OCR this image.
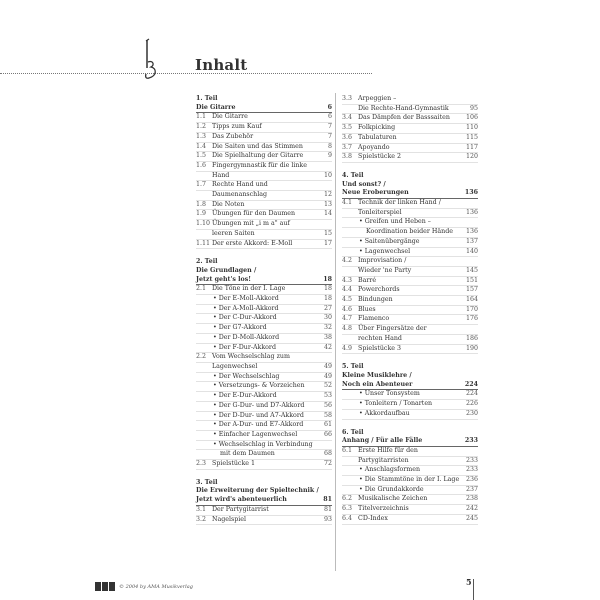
Inhalt
1. Teil
Die Gitarre	6
1.1 Die Gitarre	6
1.2 Tipps zum Kauf	7
1.3 Das Zubehör	7
1.4 Die Saiten und das Stimmen	8
1.5 Die Spielhaltung der Gitarre	9
1.6 Fingergymnastik für die linke
Hand	10
1.7 Rechte Hand und
Daumenanschlag	12
1.8 Die Noten	13
1.9 Übungen für den Daumen	14
1.10 Übungen mit „i m a" auf
leeren Saiten	15
1.11 Der erste Akkord: E-Moll	17
2. Teil
Die Grundlagen /
Jetzt geht's los!	18
2.1 Die Töne in der I. Lage	18
• Der E-Moll-Akkord	18
• Der A-Moll-Akkord	27
• Der C-Dur-Akkord	30
• Der G7-Akkord	32
• Der D-Moll-Akkord	38
• Der F-Dur-Akkord	42
2.2 Vom Wechselschlag zum
Lagenwechsel	49
• Der Wechselschlag	49
• Versetzungs- & Vorzeichen	52
• Der E-Dur-Akkord	53
• Der G-Dur- und D7-Akkord	56
• Der D-Dur- und A7-Akkord	58
• Der A-Dur- und E7-Akkord	61
• Einfacher Lagenwechsel	66
• Wechselschlag in Verbindung
mit dem Daumen	68
2.3 Spielstücke 1	72
3. Teil
Die Erweiterung der Spieltechnik /
Jetzt wird's abenteuerlich	81
3.1 Der Partygitarrist	81
3.2 Nagelspiel	93
3.3 Arpeggien –
Die Rechte-Hand-Gymnastik	95
3.4 Das Dämpfen der Basssaiten	106
3.5 Folkpicking	110
3.6 Tabulaturen	115
3.7 Apoyando	117
3.8 Spielstücke 2	120
4. Teil
Und sonst? /
Neue Eroberungen	136
4.1 Technik der linken Hand /
Tonleiterspiel	136
• Greifen und Heben –
Koordination beider Hände	136
• Saitenübergänge	137
• Lagenwechsel	140
4.2 Improvisation /
Wieder 'ne Party	145
4.3 Barré	151
4.4 Powerchords	157
4.5 Bindungen	164
4.6 Blues	170
4.7 Flamenco	176
4.8 Über Fingersätze der
rechten Hand	186
4.9 Spielstücke 3	190
5. Teil
Kleine Musiklehre /
Noch ein Abenteuer	224
• Unser Tonsystem	224
• Tonleitern / Tonarten	226
• Akkordaufbau	230
6. Teil
Anhang / Für alle Fälle	233
6.1 Erste Hilfe für den
Partygitarristen	233
• Anschlagsformen	233
• Die Stammtöne in der I. Lage	236
• Die Grundakkorde	237
6.2 Musikalische Zeichen	238
6.3 Titelverzeichnis	242
6.4 CD-Index	245
© 2004 by AMA Musikverlag	5
